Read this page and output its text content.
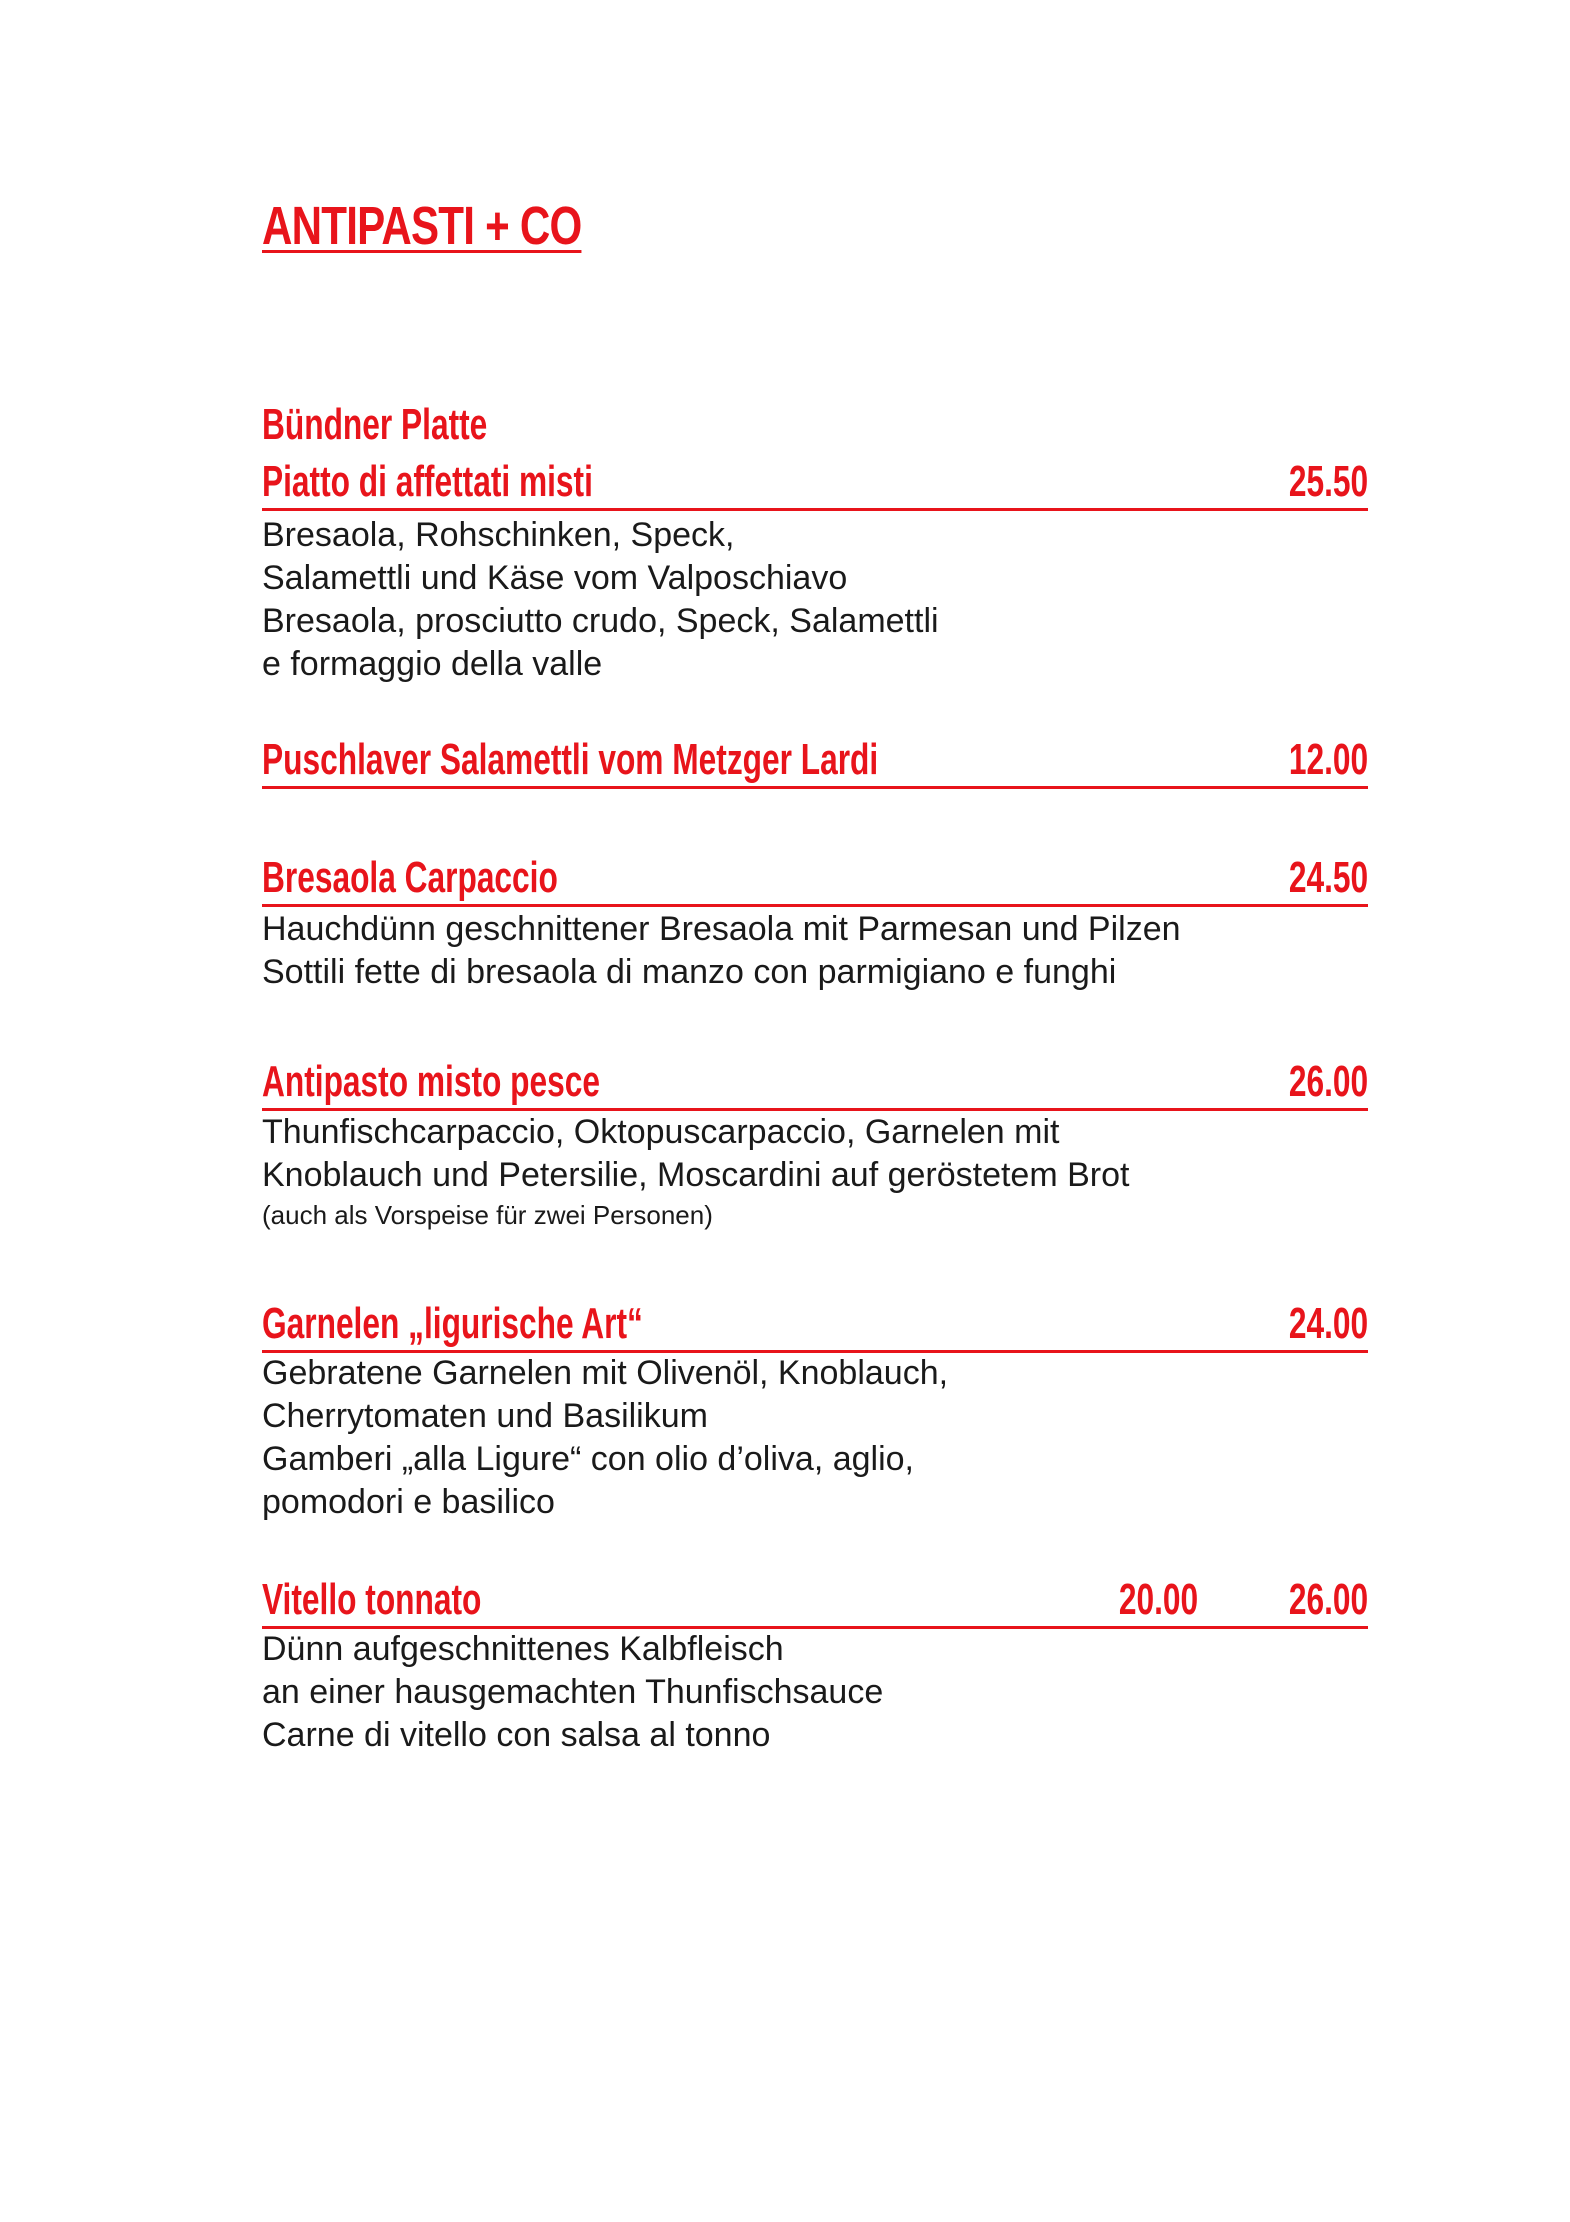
ANTIPASTI + CO
Bündner Platte
Piatto di affettati misti	25.50
Bresaola, Rohschinken, Speck,
Salamettli und Käse vom Valposchiavo
Bresaola, prosciutto crudo, Speck, Salamettli
e formaggio della valle
Puschlaver Salamettli vom Metzger Lardi	12.00
Bresaola Carpaccio	24.50
Hauchdünn geschnittener Bresaola mit Parmesan und Pilzen
Sottili fette di bresaola di manzo con parmigiano e funghi
Antipasto misto pesce	26.00
Thunfischcarpaccio, Oktopuscarpaccio, Garnelen mit
Knoblauch und Petersilie, Moscardini auf geröstetem Brot
(auch als Vorspeise für zwei Personen)
Garnelen „ligurische Art“	24.00
Gebratene Garnelen mit Olivenöl, Knoblauch,
Cherrytomaten und Basilikum
Gamberi „alla Ligure“ con olio d’oliva, aglio,
pomodori e basilico
Vitello tonnato	20.00 26.00
Dünn aufgeschnittenes Kalbfleisch
an einer hausgemachten Thunfischsauce
Carne di vitello con salsa al tonno
